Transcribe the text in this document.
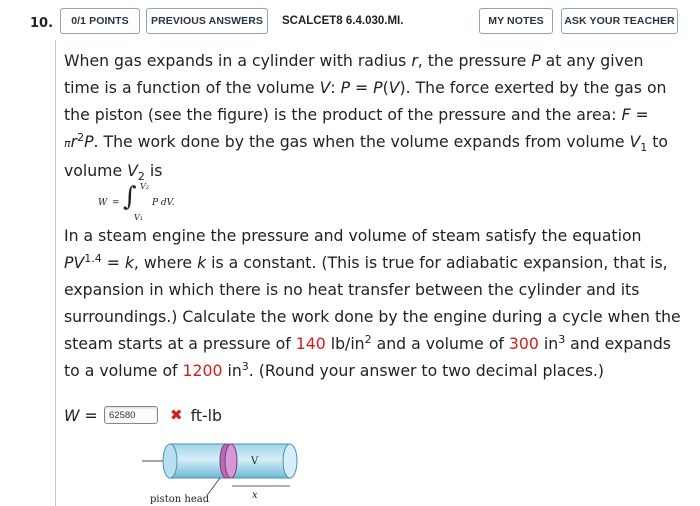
10.	0/1 POINTS	PREVIOUS ANSWERS	SCALCET8 6.4.030.MI.	MY NOTES	ASK YOUR TEACHER
When gas expands in a cylinder with radius r, the pressure P at any given time is a function of the volume V: P = P(V). The force exerted by the gas on the piston (see the figure) is the product of the pressure and the area: $F = \pi r^2P$. The work done by the gas when the volume expands from volume $V_1$ to volume $V_2$ is
W = ∫ V₂
V₁
P dV.
In a steam engine the pressure and volume of steam satisfy the equation $PV^{1.4} = k$, where k is a constant. (This is true for adiabatic expansion, that is, expansion in which there is no heat transfer between the cylinder and its surroundings.) Calculate the work done by the engine during a cycle when the steam starts at a pressure of 140 $lb/in^2$ and a volume of 300 $in^3$ and expands to a volume of 1200 $in^3$. (Round your answer to two decimal places.)
W =	62580	✖ ft-lb
V
x
piston head
